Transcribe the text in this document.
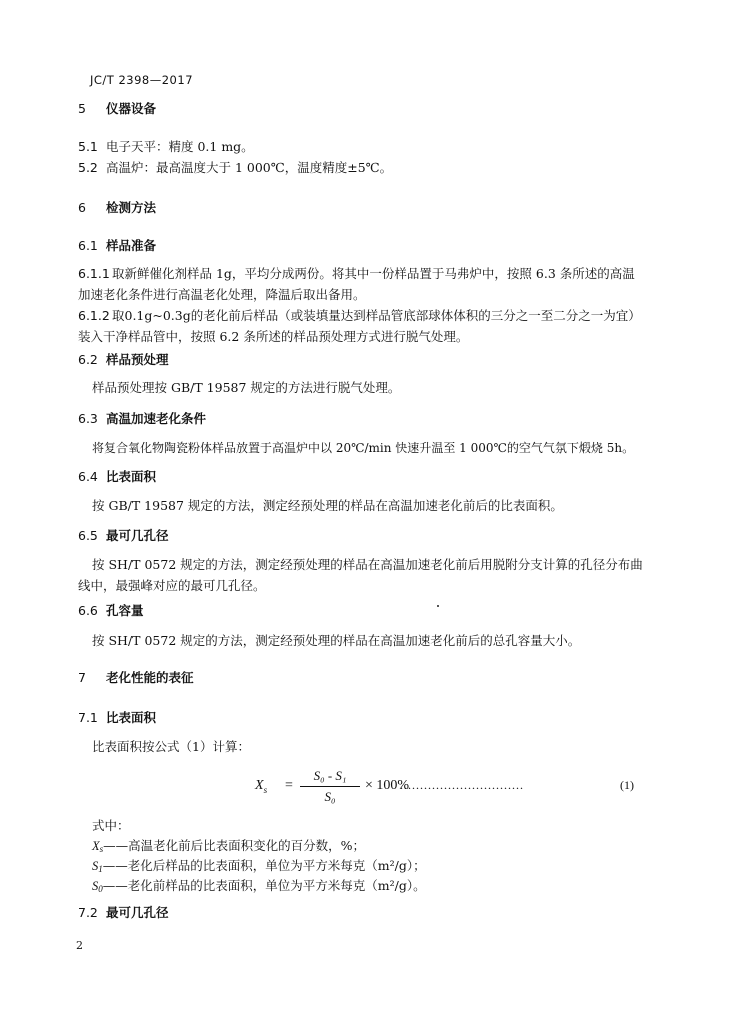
JC/T 2398—2017
5 仪器设备
5.1 电子天平：精度 0.1 mg。
5.2 高温炉：最高温度大于 1 000℃，温度精度±5℃。
6 检测方法
6.1 样品准备
6.1.1 取新鲜催化剂样品 1g，平均分成两份。将其中一份样品置于马弗炉中，按照 6.3 条所述的高温
加速老化条件进行高温老化处理，降温后取出备用。
6.1.2 取0.1g~0.3g的老化前后样品（或装填量达到样品管底部球体体积的三分之一至二分之一为宜）
装入干净样品管中，按照 6.2 条所述的样品预处理方式进行脱气处理。
6.2 样品预处理
样品预处理按 GB/T 19587 规定的方法进行脱气处理。
6.3 高温加速老化条件
将复合氧化物陶瓷粉体样品放置于高温炉中以 20℃/min 快速升温至 1 000℃的空气气氛下煅烧 5h。
6.4 比表面积
按 GB/T 19587 规定的方法，测定经预处理的样品在高温加速老化前后的比表面积。
6.5 最可几孔径
按 SH/T 0572 规定的方法，测定经预处理的样品在高温加速老化前后用脱附分支计算的孔径分布曲
线中，最强峰对应的最可几孔径。
6.6 孔容量
按 SH/T 0572 规定的方法，测定经预处理的样品在高温加速老化前后的总孔容量大小。
7 老化性能的表征
7.1 比表面积
比表面积按公式（1）计算：
$X_s$ =
S₀ - S₁
S₀
× 100%
...............................	(1)
式中：
$X_s——$高温老化前后比表面积变化的百分数，%；
$S_1——$老化后样品的比表面积，单位为平方米每克（m²/g）；
$S_0——$老化前样品的比表面积，单位为平方米每克（m²/g）。
7.2 最可几孔径
2
